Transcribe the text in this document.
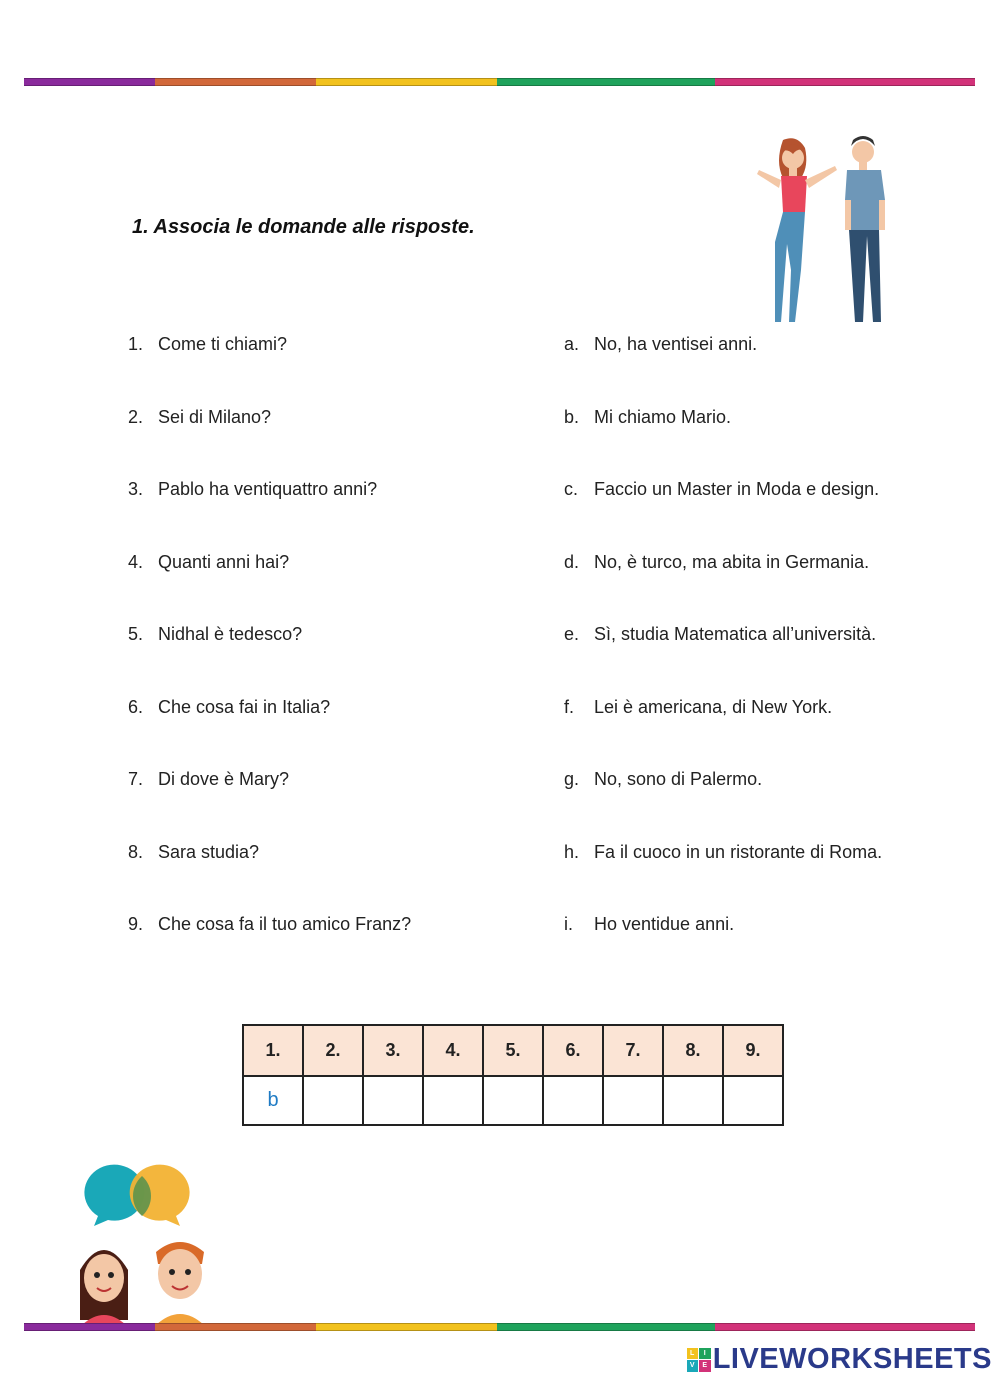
1. Associa le domande alle risposte.
1. Come ti chiami?
2. Sei di Milano?
3. Pablo ha ventiquattro anni?
4. Quanti anni hai?
5. Nidhal è tedesco?
6. Che cosa fai in Italia?
7. Di dove è Mary?
8. Sara studia?
9. Che cosa fa il tuo amico Franz?
a. No, ha ventisei anni.
b. Mi chiamo Mario.
c. Faccio un Master in Moda e design.
d. No, è turco, ma abita in Germania.
e. Sì, studia Matematica all’università.
f.	Lei è americana, di New York.
g. No, sono di Palermo.
h. Fa il cuoco in un ristorante di Roma.
i.	Ho ventidue anni.
1.	2.	3.	4.	5.	6.	7.	8.	9.
b								
L	I
V	E LIVEWORKSHEETS
